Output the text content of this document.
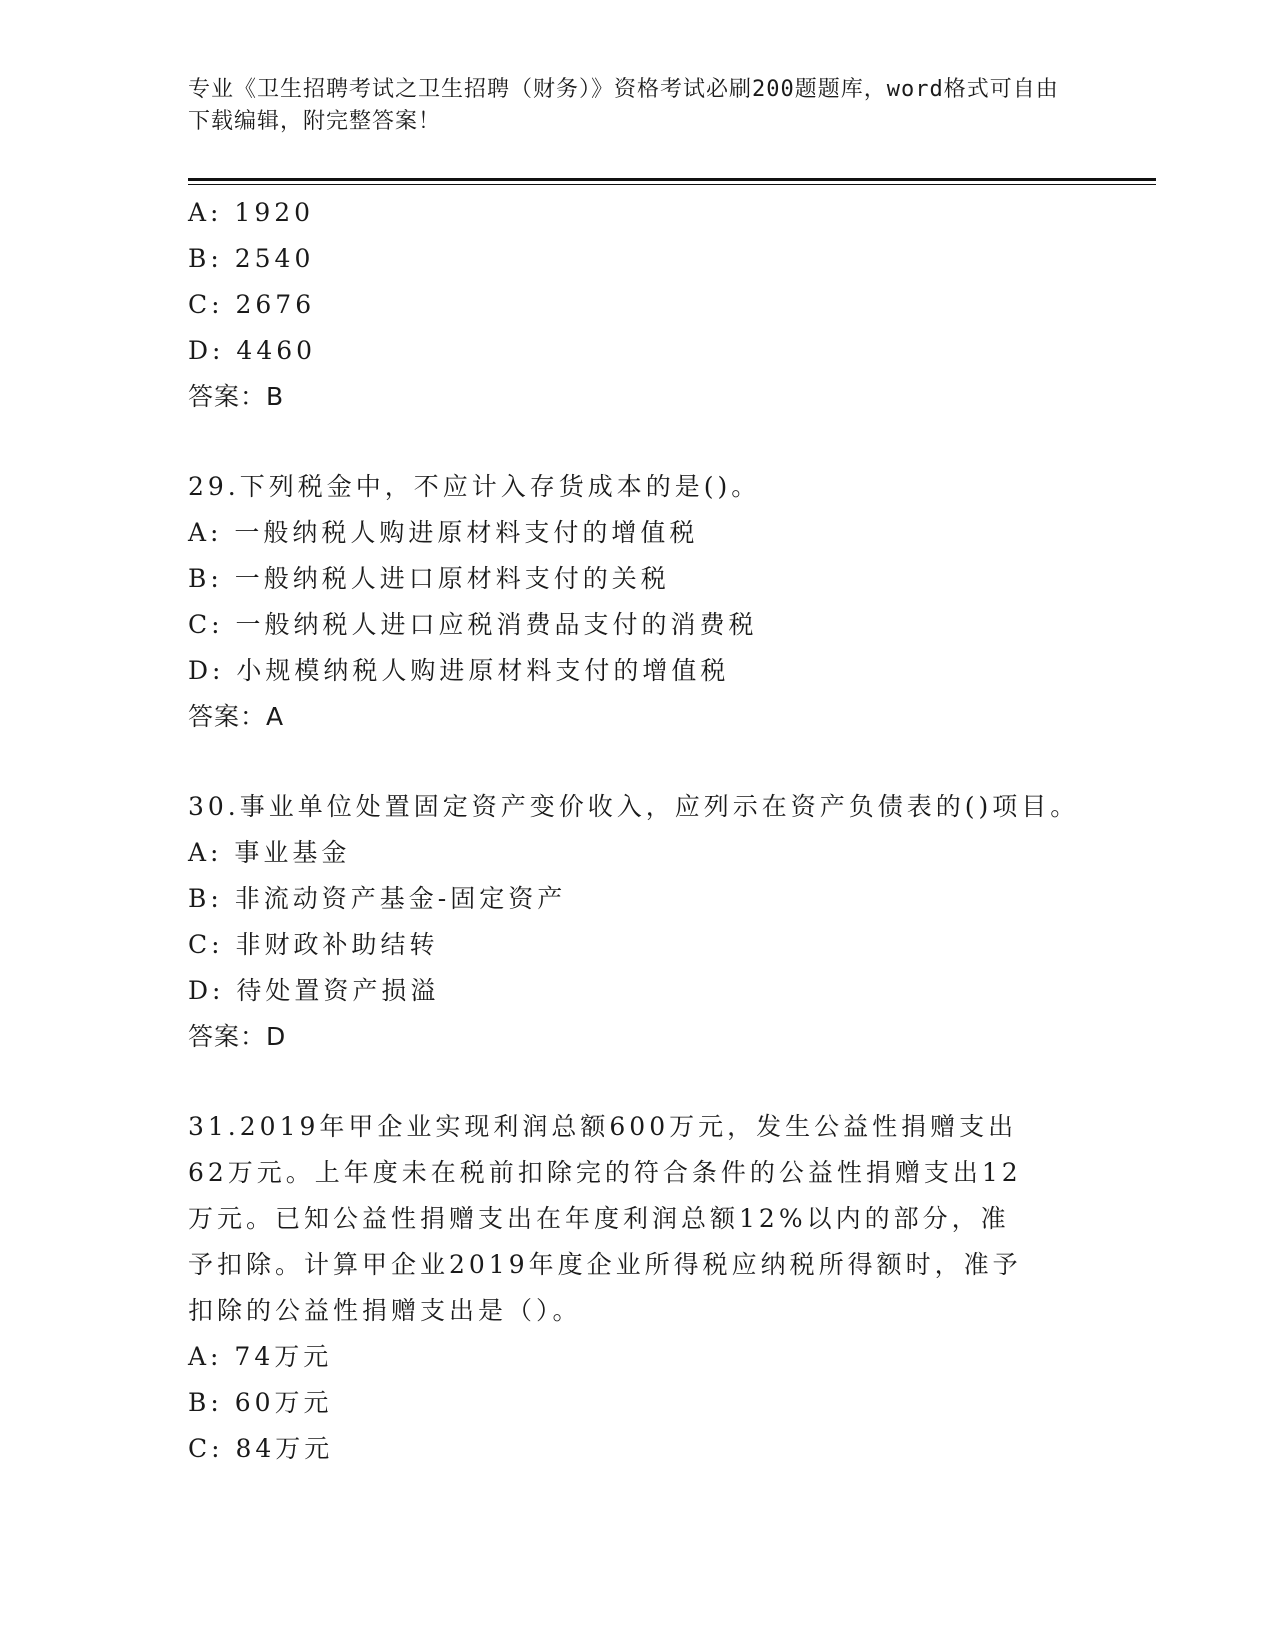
专业《卫生招聘考试之卫生招聘（财务）》资格考试必刷200题题库，word格式可自由下载编辑，附完整答案！
A: 1920
B: 2540
C: 2676
D: 4460
答案：B
29.下列税金中，不应计入存货成本的是()。
A: 一般纳税人购进原材料支付的增值税
B: 一般纳税人进口原材料支付的关税
C: 一般纳税人进口应税消费品支付的消费税
D: 小规模纳税人购进原材料支付的增值税
答案：A
30.事业单位处置固定资产变价收入，应列示在资产负债表的()项目。
A: 事业基金
B: 非流动资产基金-固定资产
C: 非财政补助结转
D: 待处置资产损溢
答案：D
31.2019年甲企业实现利润总额600万元，发生公益性捐赠支出62万元。上年度未在税前扣除完的符合条件的公益性捐赠支出12万元。已知公益性捐赠支出在年度利润总额12%以内的部分，准予扣除。计算甲企业2019年度企业所得税应纳税所得额时，准予扣除的公益性捐赠支出是（）。
A: 74万元
B: 60万元
C: 84万元
